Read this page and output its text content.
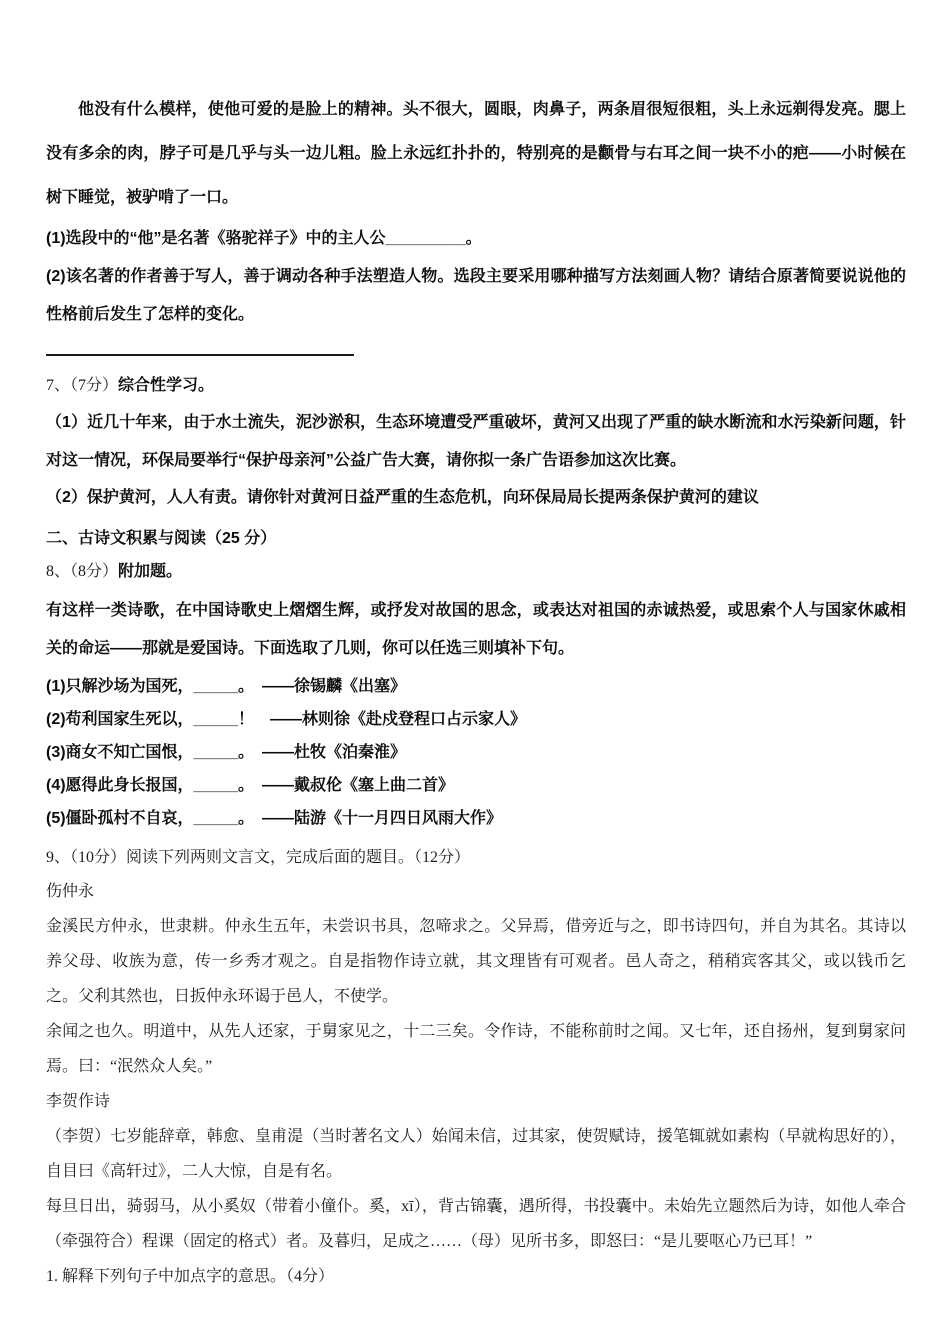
他没有什么模样，使他可爱的是脸上的精神。头不很大，圆眼，肉鼻子，两条眉很短很粗，头上永远剃得发亮。腮上没有多余的肉，脖子可是几乎与头一边儿粗。脸上永远红扑扑的，特别亮的是颧骨与右耳之间一块不小的疤——小时候在树下睡觉，被驴啃了一口。

(1)选段中的“他”是名著《骆驼祥子》中的主人公_________。

(2)该名著的作者善于写人，善于调动各种手法塑造人物。选段主要采用哪种描写方法刻画人物？请结合原著简要说说他的性格前后发生了怎样的变化。

7、（7分）综合性学习。

（1）近几十年来，由于水土流失，泥沙淤积，生态环境遭受严重破坏，黄河又出现了严重的缺水断流和水污染新问题，针对这一情况，环保局要举行“保护母亲河”公益广告大赛，请你拟一条广告语参加这次比赛。

（2）保护黄河，人人有责。请你针对黄河日益严重的生态危机，向环保局局长提两条保护黄河的建议

二、古诗文积累与阅读（25 分）

8、（8分）附加题。

有这样一类诗歌，在中国诗歌史上熠熠生辉，或抒发对故国的思念，或表达对祖国的赤诚热爱，或思索个人与国家休戚相关的命运——那就是爱国诗。下面选取了几则，你可以任选三则填补下句。

(1)只解沙场为国死，_____。　——徐锡麟《出塞》
(2)苟利国家生死以，_____！　——林则徐《赴戍登程口占示家人》
(3)商女不知亡国恨，_____。　——杜牧《泊秦淮》
(4)愿得此身长报国，_____。　——戴叔伦《塞上曲二首》
(5)僵卧孤村不自哀，_____。　——陆游《十一月四日风雨大作》

9、（10分）阅读下列两则文言文，完成后面的题目。（12分）

伤仲永

金溪民方仲永，世隶耕。仲永生五年，未尝识书具，忽啼求之。父异焉，借旁近与之，即书诗四句，并自为其名。其诗以养父母、收族为意，传一乡秀才观之。自是指物作诗立就，其文理皆有可观者。邑人奇之，稍稍宾客其父，或以钱币乞之。父利其然也，日扳仲永环谒于邑人，不使学。

余闻之也久。明道中，从先人还家，于舅家见之，十二三矣。令作诗，不能称前时之闻。又七年，还自扬州，复到舅家问焉。曰：“泯然众人矣。”

李贺作诗

（李贺）七岁能辞章，韩愈、皇甫湜（当时著名文人）始闻未信，过其家，使贺赋诗，援笔辄就如素构（早就构思好的），自目曰《高轩过》，二人大惊，自是有名。

每旦日出，骑弱马，从小奚奴（带着小僮仆。奚，xī），背古锦囊，遇所得，书投囊中。未始先立题然后为诗，如他人牵合（牵强符合）程课（固定的格式）者。及暮归，足成之……（母）见所书多，即怒曰：“是儿要呕心乃已耳！”

1. 解释下列句子中加点字的意思。（4分）
